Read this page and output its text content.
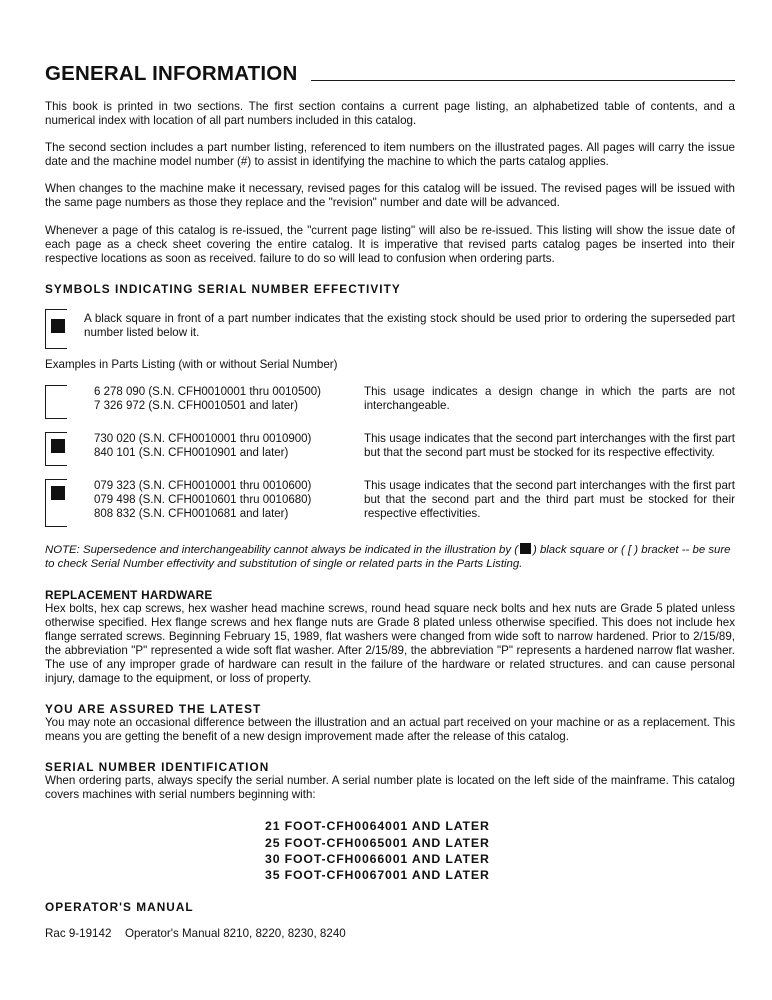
GENERAL INFORMATION

This book is printed in two sections. The first section contains a current page listing, an alphabetized table of contents, and a numerical index with location of all part numbers included in this catalog.

The second section includes a part number listing, referenced to item numbers on the illustrated pages. All pages will carry the issue date and the machine model number (#) to assist in identifying the machine to which the parts catalog applies.

When changes to the machine make it necessary, revised pages for this catalog will be issued. The revised pages will be issued with the same page numbers as those they replace and the "revision" number and date will be advanced.

Whenever a page of this catalog is re-issued, the "current page listing" will also be re-issued. This listing will show the issue date of each page as a check sheet covering the entire catalog. It is imperative that revised parts catalog pages be inserted into their respective locations as soon as received. failure to do so will lead to confusion when ordering parts.

SYMBOLS INDICATING SERIAL NUMBER EFFECTIVITY

A black square in front of a part number indicates that the existing stock should be used prior to ordering the superseded part number listed below it.

Examples in Parts Listing (with or without Serial Number)

6 278 090 (S.N. CFH0010001 thru 0010500)

7 326 972 (S.N. CFH0010501 and later)

This usage indicates a design change in which the parts are not interchangeable.

730 020 (S.N. CFH0010001 thru 0010900)

840 101 (S.N. CFH0010901 and later)

This usage indicates that the second part interchanges with the first part but that the second part must be stocked for its respective effectivity.

079 323 (S.N. CFH0010001 thru 0010600)

079 498 (S.N. CFH0010601 thru 0010680)

808 832 (S.N. CFH0010681 and later)

This usage indicates that the second part interchanges with the first part but that the second part and the third part must be stocked for their respective effectivities.

NOTE: Supersedence and interchangeability cannot always be indicated in the illustration by ( ) black square or ( [ ) bracket -- be sure to check Serial Number effectivity and substitution of single or related parts in the Parts Listing.

REPLACEMENT HARDWARE

Hex bolts, hex cap screws, hex washer head machine screws, round head square neck bolts and hex nuts are Grade 5 plated unless otherwise specified. Hex flange screws and hex flange nuts are Grade 8 plated unless otherwise specified. This does not include hex flange serrated screws. Beginning February 15, 1989, flat washers were changed from wide soft to narrow hardened. Prior to 2/15/89, the abbreviation "P" represented a wide soft flat washer. After 2/15/89, the abbreviation "P" represents a hardened narrow flat washer. The use of any improper grade of hardware can result in the failure of the hardware or related structures. and can cause personal injury, damage to the equipment, or loss of property.

YOU ARE ASSURED THE LATEST

You may note an occasional difference between the illustration and an actual part received on your machine or as a replacement. This means you are getting the benefit of a new design improvement made after the release of this catalog.

SERIAL NUMBER IDENTIFICATION

When ordering parts, always specify the serial number. A serial number plate is located on the left side of the mainframe. This catalog covers machines with serial numbers beginning with:

21 FOOT-CFH0064001 AND LATER
25 FOOT-CFH0065001 AND LATER
30 FOOT-CFH0066001 AND LATER
35 FOOT-CFH0067001 AND LATER

OPERATOR'S MANUAL

Rac 9-19142	Operator's Manual 8210, 8220, 8230, 8240
